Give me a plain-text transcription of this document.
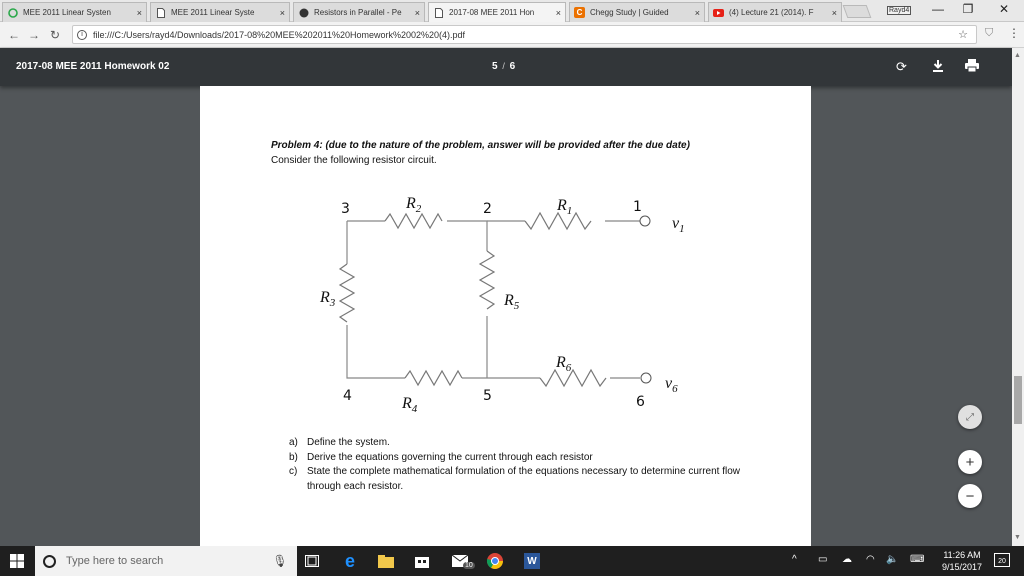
MEE 2011 Linear Systen	×	MEE 2011 Linear Syste	×	Resistors in Parallel - Pe	×	2017-08 MEE 2011 Hon	×	C Chegg Study | Guided	×	(4) Lecture 21 (2014). F	×	Rayd4	—	❐	✕
← → ↻	i	file:///C:/Users/rayd4/Downloads/2017-08%20MEE%202011%20Homework%2002%20(4).pdf	☆ ⛉ ⋮
2017-08 MEE 2011 Homework 02	5 / 6	⟳
Problem 4: (due to the nature of the problem, answer will be provided after the due date)
Consider the following resistor circuit.
3	2	1
4	5	6
$R_2$	$R_1$
$R_3$	$R_5$
$R_6$
$R_4$
$v_1$
$v_6$
a) Define the system.
b) Derive the equations governing the current through each resistor
c) State the complete mathematical formulation of the equations necessary to determine current flow through each resistor.
▲
▼
⤢
+
−
Type here to search	🎙	e	10	W	^ ▭ ☁ ◠ 🔈 ⌨	11:26 AM
9/15/2017
20
